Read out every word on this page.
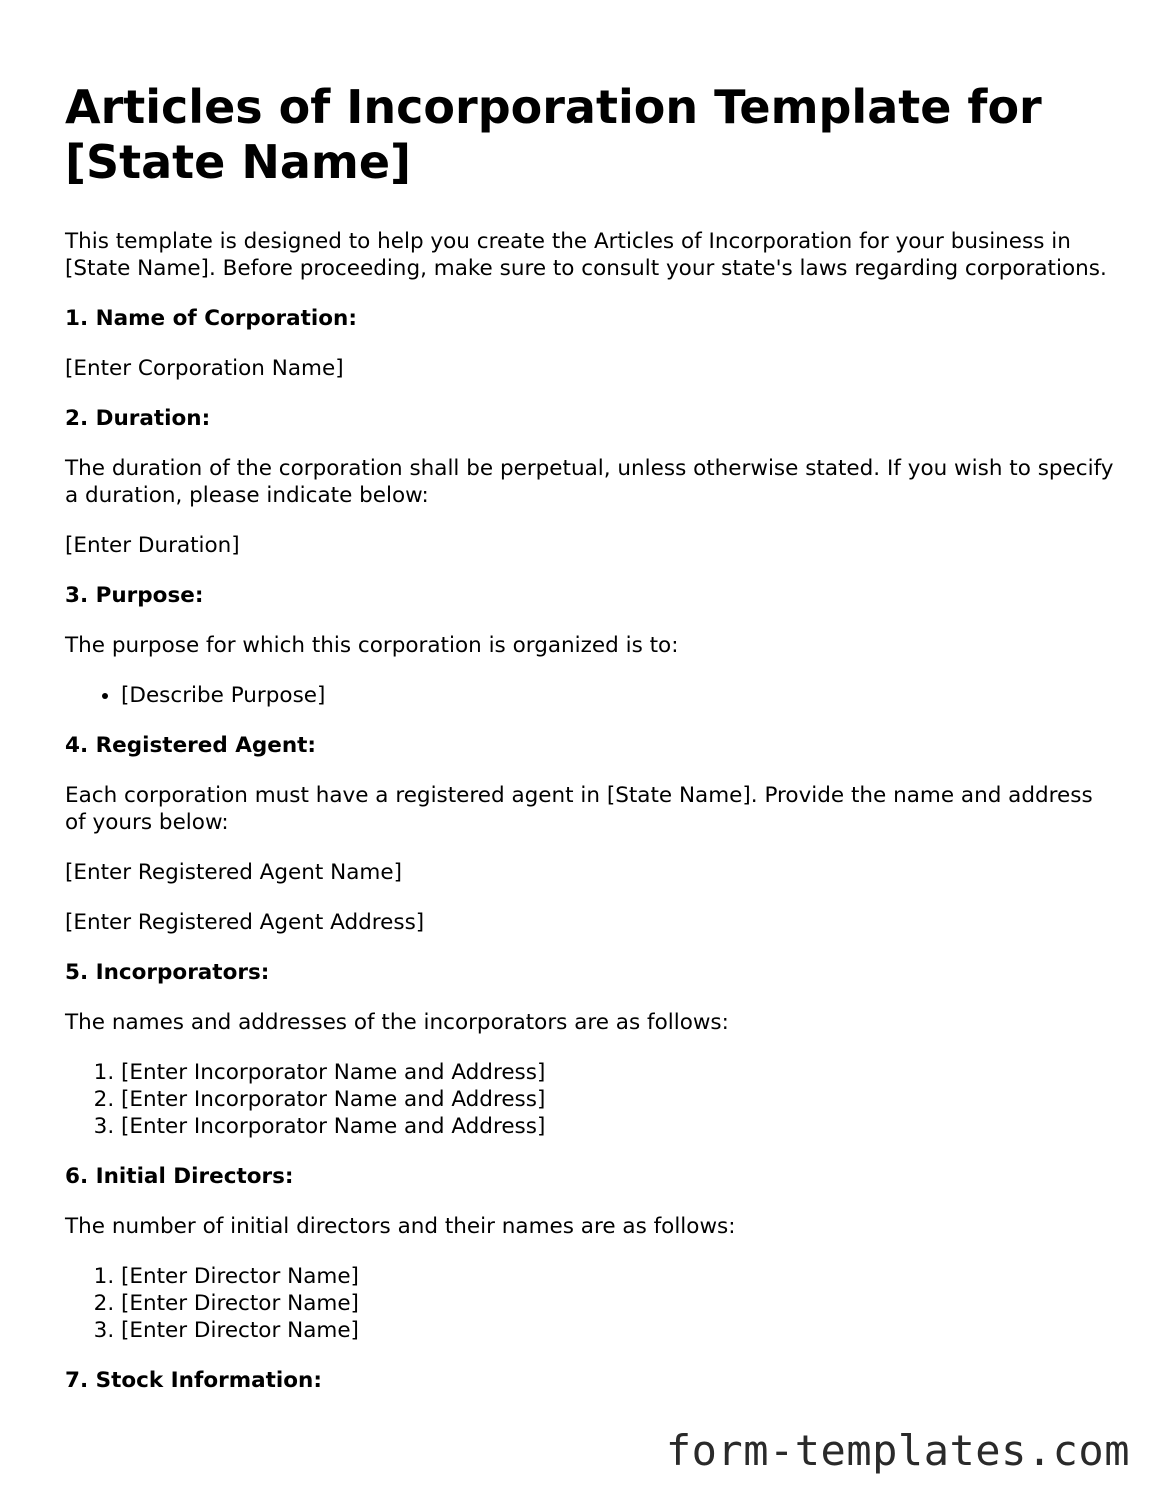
Articles of Incorporation Template for [State Name]

This template is designed to help you create the Articles of Incorporation for your business in [State Name]. Before proceeding, make sure to consult your state's laws regarding corporations.

1. Name of Corporation:

[Enter Corporation Name]

2. Duration:

The duration of the corporation shall be perpetual, unless otherwise stated. If you wish to specify a duration, please indicate below:

[Enter Duration]

3. Purpose:

The purpose for which this corporation is organized is to:

• [Describe Purpose]
4. Registered Agent:

Each corporation must have a registered agent in [State Name]. Provide the name and address of yours below:

[Enter Registered Agent Name]

[Enter Registered Agent Address]

5. Incorporators:

The names and addresses of the incorporators are as follows:

1. [Enter Incorporator Name and Address]
2. [Enter Incorporator Name and Address]
3. [Enter Incorporator Name and Address]
6. Initial Directors:

The number of initial directors and their names are as follows:

1. [Enter Director Name]
2. [Enter Director Name]
3. [Enter Director Name]
7. Stock Information:
form-templates.com
